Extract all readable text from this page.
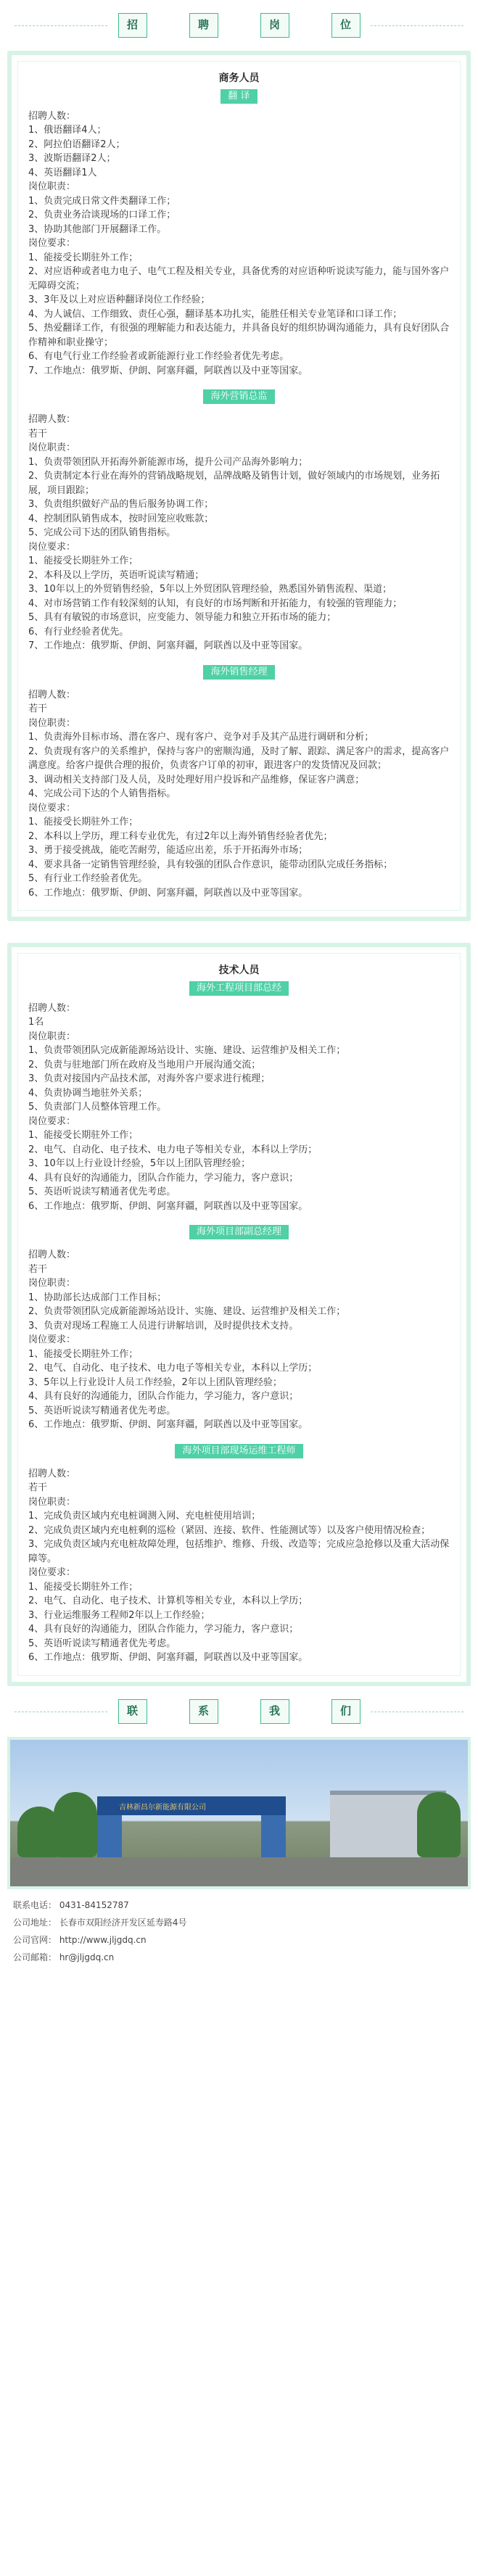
招	聘	岗	位
商务人员
翻 译
招聘人数：
1、俄语翻译4人；
2、阿拉伯语翻译2人；
3、波斯语翻译2人；
4、英语翻译1人
岗位职责：
1、负责完成日常文件类翻译工作；
2、负责业务洽谈现场的口译工作；
3、协助其他部门开展翻译工作。
岗位要求：
1、能接受长期驻外工作；
2、对应语种或者电力电子、电气工程及相关专业，具备优秀的对应语种听说读写能力，能与国外客户无障碍交流；
3、3年及以上对应语种翻译岗位工作经验；
4、为人诚信、工作细致、责任心强，翻译基本功扎实，能胜任相关专业笔译和口译工作；
5、热爱翻译工作，有很强的理解能力和表达能力，并具备良好的组织协调沟通能力，具有良好团队合作精神和职业操守；
6、有电气行业工作经验者或新能源行业工作经验者优先考虑。
7、工作地点：俄罗斯、伊朗、阿塞拜疆，阿联酋以及中亚等国家。
海外营销总监
招聘人数：
若干
岗位职责：
1、负责带领团队开拓海外新能源市场，提升公司产品海外影响力；
2、负责制定本行业在海外的营销战略规划，品牌战略及销售计划，做好领域内的市场规划，业务拓展，项目跟踪；
3、负责组织做好产品的售后服务协调工作；
4、控制团队销售成本，按时回笼应收账款；
5、完成公司下达的团队销售指标。
岗位要求：
1、能接受长期驻外工作；
2、本科及以上学历，英语听说读写精通；
3、10年以上的外贸销售经验，5年以上外贸团队管理经验，熟悉国外销售流程、渠道；
4、对市场营销工作有较深刻的认知，有良好的市场判断和开拓能力，有较强的管理能力；
5、具有有敏锐的市场意识，应变能力、领导能力和独立开拓市场的能力；
6、有行业经验者优先。
7、工作地点：俄罗斯、伊朗、阿塞拜疆，阿联酋以及中亚等国家。
海外销售经理
招聘人数：
若干
岗位职责：
1、负责海外目标市场、潜在客户、现有客户、竞争对手及其产品进行调研和分析；
2、负责现有客户的关系维护，保持与客户的密顺沟通，及时了解、跟踪、满足客户的需求，提高客户满意度。给客户提供合理的报价，负责客户订单的初审，跟进客户的发货情况及回款；
3、调动相关支持部门及人员，及时处理好用户投诉和产品维修，保证客户满意；
4、完成公司下达的个人销售指标。
岗位要求：
1、能接受长期驻外工作；
2、本科以上学历，理工科专业优先，有过2年以上海外销售经验者优先；
3、勇于接受挑战，能吃苦耐劳，能适应出差，乐于开拓海外市场；
4、要求具备一定销售管理经验，具有较强的团队合作意识，能带动团队完成任务指标；
5、有行业工作经验者优先。
6、工作地点：俄罗斯、伊朗、阿塞拜疆，阿联酋以及中亚等国家。
技术人员
海外工程项目部总经
招聘人数：
1名
岗位职责：
1、负责带领团队完成新能源场站设计、实施、建设、运营维护及相关工作；
2、负责与驻地部门所在政府及当地用户开展沟通交流；
3、负责对接国内产品技术部，对海外客户要求进行梳理；
4、负责协调当地驻外关系；
5、负责部门人员整体管理工作。
岗位要求：
1、能接受长期驻外工作；
2、电气、自动化、电子技术、电力电子等相关专业，本科以上学历；
3、10年以上行业设计经验，5年以上团队管理经验；
4、具有良好的沟通能力，团队合作能力，学习能力，客户意识；
5、英语听说读写精通者优先考虑。
6、工作地点：俄罗斯、伊朗、阿塞拜疆，阿联酋以及中亚等国家。
海外项目部副总经理
招聘人数：
若干
岗位职责：
1、协助部长达成部门工作目标；
2、负责带领团队完成新能源场站设计、实施、建设、运营维护及相关工作；
3、负责对现场工程施工人员进行讲解培训，及时提供技术支持。
岗位要求：
1、能接受长期驻外工作；
2、电气、自动化、电子技术、电力电子等相关专业，本科以上学历；
3、5年以上行业设计人员工作经验，2年以上团队管理经验；
4、具有良好的沟通能力，团队合作能力，学习能力，客户意识；
5、英语听说读写精通者优先考虑。
6、工作地点：俄罗斯、伊朗、阿塞拜疆，阿联酋以及中亚等国家。
海外项目部现场运维工程师
招聘人数：
若干
岗位职责：
1、完成负责区域内充电桩调测入网、充电桩使用培训；
2、完成负责区域内充电桩剩的巡检（紧固、连接、软件、性能测试等）以及客户使用情况检查；
3、完成负责区域内充电桩故障处理，包括维护、维修、升级、改造等；完成应急抢修以及重大活动保障等。
岗位要求：
1、能接受长期驻外工作；
2、电气、自动化、电子技术、计算机等相关专业，本科以上学历；
3、行业运维服务工程师2年以上工作经验；
4、具有良好的沟通能力，团队合作能力，学习能力，客户意识；
5、英语听说读写精通者优先考虑。
6、工作地点：俄罗斯、伊朗、阿塞拜疆，阿联酋以及中亚等国家。
联	系	我	们
吉林新昌尔新能源有限公司
联系电话： 0431-84152787
公司地址： 长春市双阳经济开发区延寿路4号
公司官网： http://www.jljgdq.cn
公司邮箱： hr@jljgdq.cn
